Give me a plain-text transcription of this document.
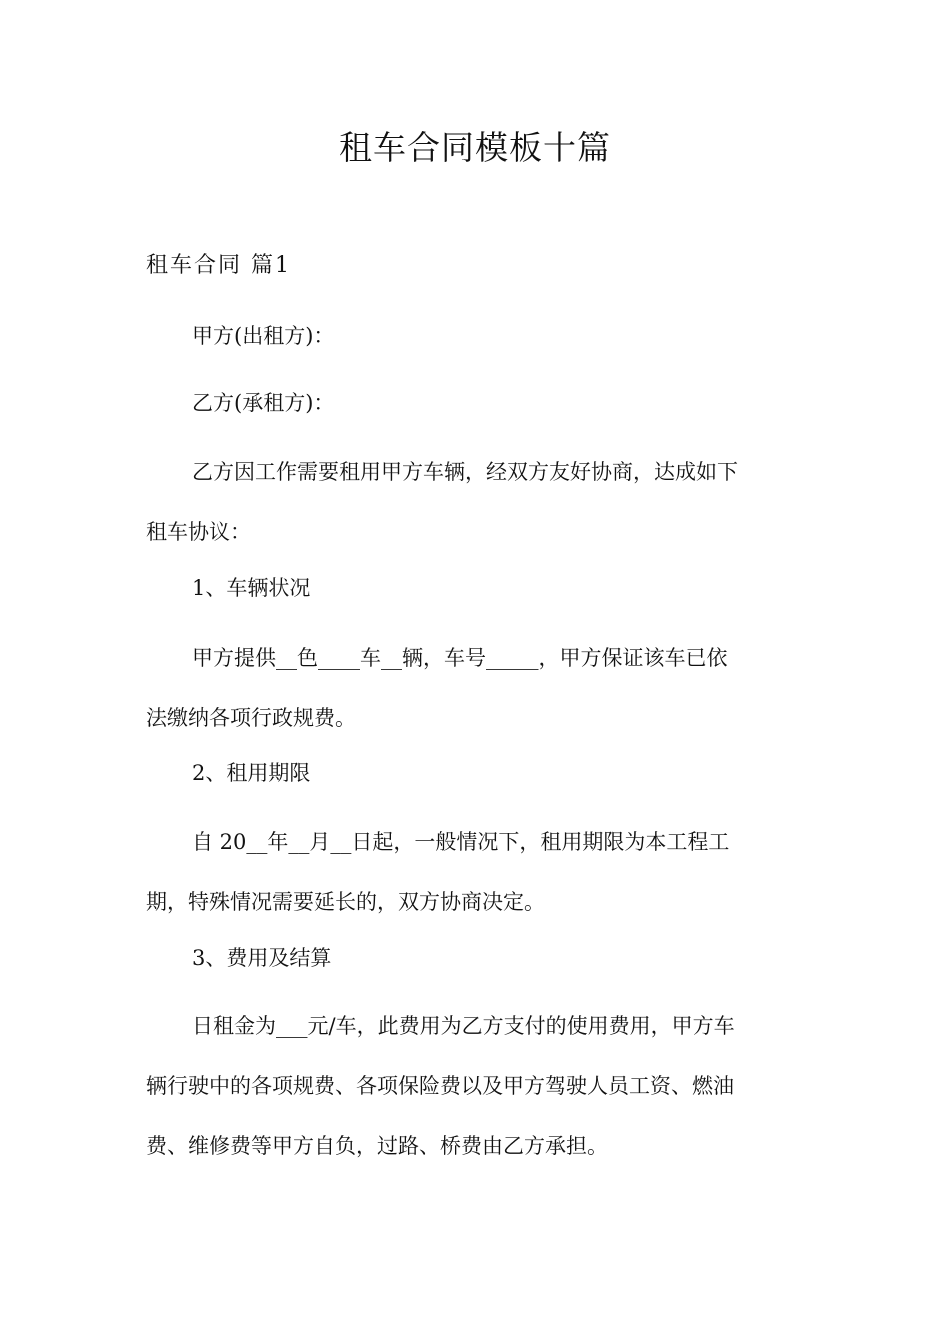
租车合同模板十篇
租车合同 篇1

甲方(出租方)：

乙方(承租方)：

乙方因工作需要租用甲方车辆，经双方友好协商，达成如下
租车协议：

1、车辆状况

甲方提供__色____车__辆，车号_____，甲方保证该车已依
法缴纳各项行政规费。

2、租用期限

自 20__年__月__日起，一般情况下，租用期限为本工程工
期，特殊情况需要延长的，双方协商决定。

3、费用及结算

日租金为___元/车，此费用为乙方支付的使用费用，甲方车
辆行驶中的各项规费、各项保险费以及甲方驾驶人员工资、燃油
费、维修费等甲方自负，过路、桥费由乙方承担。
